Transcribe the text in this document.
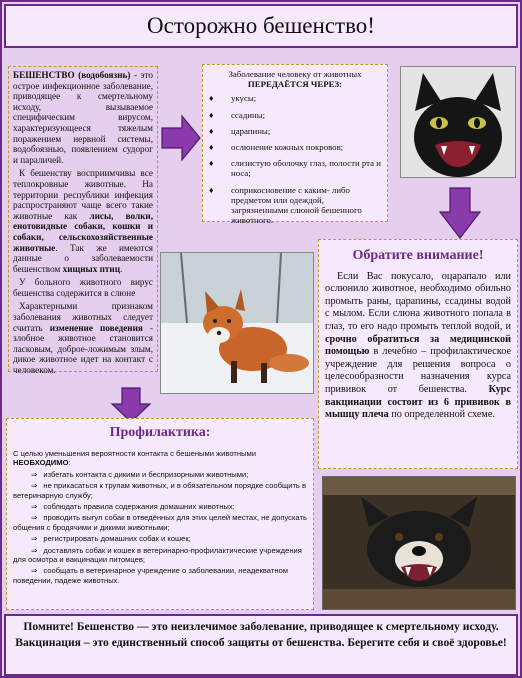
Осторожно бешенство!

БЕШЕНСТВО (водобоязнь) - это острое инфекционное заболевание, приводящее к смертельному исходу, вызываемое специфическим вирусом, характеризующееся тяжелым поражением нервной системы, водобоязнью, появлением судорог и параличей.

К бешенству восприимчивы все теплокровные животные. На территории республики инфекция распространяют чаще всего такие животные как лисы, волки, енотовидные собаки, кошки и собаки, сельскохозяйственные животные. Так же имеются данные о заболеваемости бешенством хищных птиц.

У больного животного вирус бешенства содержится в слюне

Характерными признаком заболевания животных следует считать изменение поведения - злобное животное становится ласковым, доброе-ложимым злым, дикое животное идет на контакт с человеком.

Заболевание человеку от животных
ПЕРЕДАЁТСЯ ЧЕРЕЗ:
♦	укусы;
♦	ссадины;
♦	царапины;
♦	ослюнение кожных покровов;
♦	слизистую оболочку глаз, полости рта и носа;
♦	соприкосновение с каким- либо предметом или одеждой, загрязненными слюной бешенного животного.
Обратите внимание!

Если Вас покусало, оцарапало или ослюнило животное, необходимо обильно промыть раны, царапины, ссадины водой с мылом. Если слюна животного попала в глаз, то его надо промыть теплой водой, и срочно обратиться за медицинской помощью в лечебно – профилактическое учреждение для решения вопроса о целесообразности назначения курса прививок от бешенства. Курс вакцинации состоит из 6 прививок в мышцу плеча по определенной схеме.

Профилактика:
С целью уменьшения вероятности контакта с бешеными животными
НЕОБХОДИМО:
⇒ избегать контакта с дикими и беспризорными животными;
⇒ не прикасаться к трупам животных, и в обязательном порядке сообщить в ветеринарную службу;
⇒ соблюдать правила содержания домашних животных;
⇒ проводить выгул собак в отведённых для этих целей местах, не допускать общения с бродячими и дикими животными;
⇒ регистрировать домашних собак и кошек;
⇒ доставлять собак и кошек в ветеринарно-профилактические учреждения для осмотра и вакцинации питомцев;
⇒ сообщать в ветеринарное учреждение о заболевании, неадекватном поведении, падеже животных.
Помните! Бешенство — это неизлечимое заболевание, приводящее к смертельному исходу. Вакцинация – это единственный способ защиты от бешенства. Берегите себя и своё здоровье!
